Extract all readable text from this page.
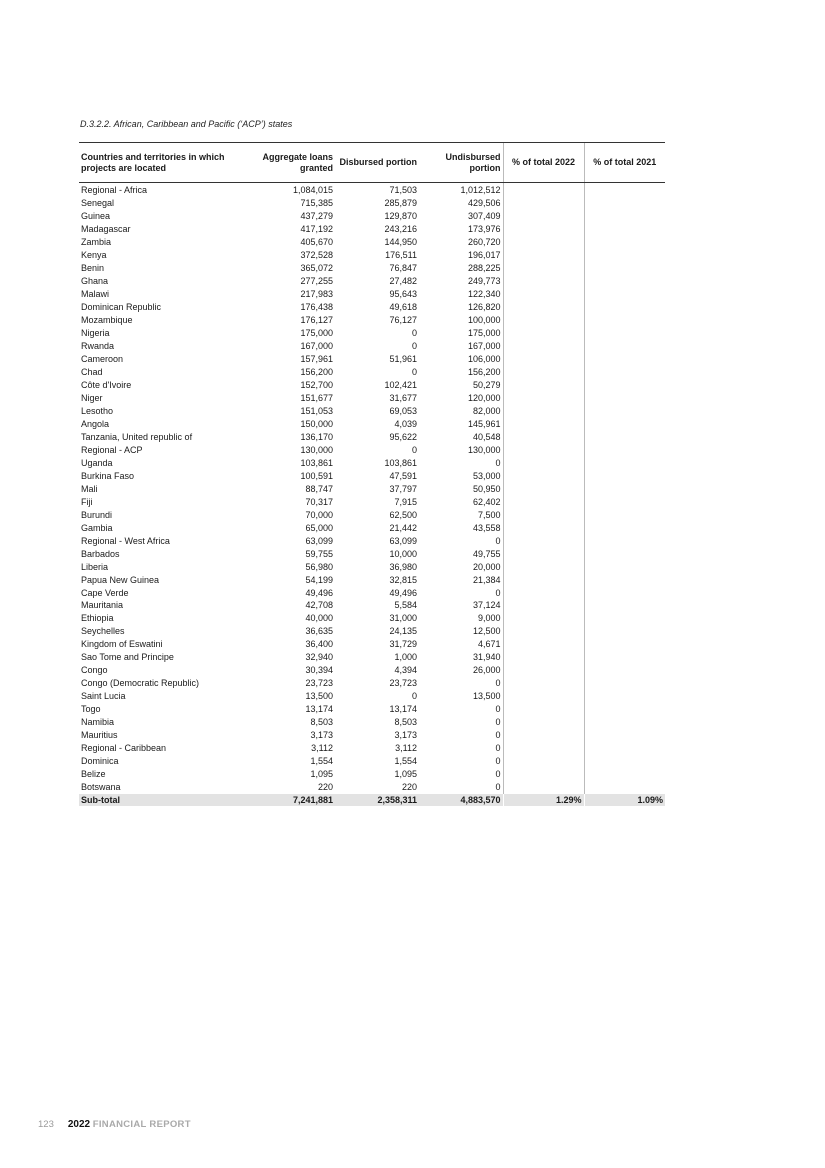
D.3.2.2. African, Caribbean and Pacific (‘ACP’) states
Countries and territories in which projects are located	Aggregate loans granted	Disbursed portion	Undisbursed portion	% of total 2022	% of total 2021
Regional - Africa	1,084,015	71,503	1,012,512		
Senegal	715,385	285,879	429,506		
Guinea	437,279	129,870	307,409		
Madagascar	417,192	243,216	173,976		
Zambia	405,670	144,950	260,720		
Kenya	372,528	176,511	196,017		
Benin	365,072	76,847	288,225		
Ghana	277,255	27,482	249,773		
Malawi	217,983	95,643	122,340		
Dominican Republic	176,438	49,618	126,820		
Mozambique	176,127	76,127	100,000		
Nigeria	175,000	0	175,000		
Rwanda	167,000	0	167,000		
Cameroon	157,961	51,961	106,000		
Chad	156,200	0	156,200		
Côte d'Ivoire	152,700	102,421	50,279		
Niger	151,677	31,677	120,000		
Lesotho	151,053	69,053	82,000		
Angola	150,000	4,039	145,961		
Tanzania, United republic of	136,170	95,622	40,548		
Regional - ACP	130,000	0	130,000		
Uganda	103,861	103,861	0		
Burkina Faso	100,591	47,591	53,000		
Mali	88,747	37,797	50,950		
Fiji	70,317	7,915	62,402		
Burundi	70,000	62,500	7,500		
Gambia	65,000	21,442	43,558		
Regional - West Africa	63,099	63,099	0		
Barbados	59,755	10,000	49,755		
Liberia	56,980	36,980	20,000		
Papua New Guinea	54,199	32,815	21,384		
Cape Verde	49,496	49,496	0		
Mauritania	42,708	5,584	37,124		
Ethiopia	40,000	31,000	9,000		
Seychelles	36,635	24,135	12,500		
Kingdom of Eswatini	36,400	31,729	4,671		
Sao Tome and Principe	32,940	1,000	31,940		
Congo	30,394	4,394	26,000		
Congo (Democratic Republic)	23,723	23,723	0		
Saint Lucia	13,500	0	13,500		
Togo	13,174	13,174	0		
Namibia	8,503	8,503	0		
Mauritius	3,173	3,173	0		
Regional - Caribbean	3,112	3,112	0		
Dominica	1,554	1,554	0		
Belize	1,095	1,095	0		
Botswana	220	220	0		
Sub-total	7,241,881	2,358,311	4,883,570	1.29%	1.09%
123 2022 FINANCIAL REPORT
